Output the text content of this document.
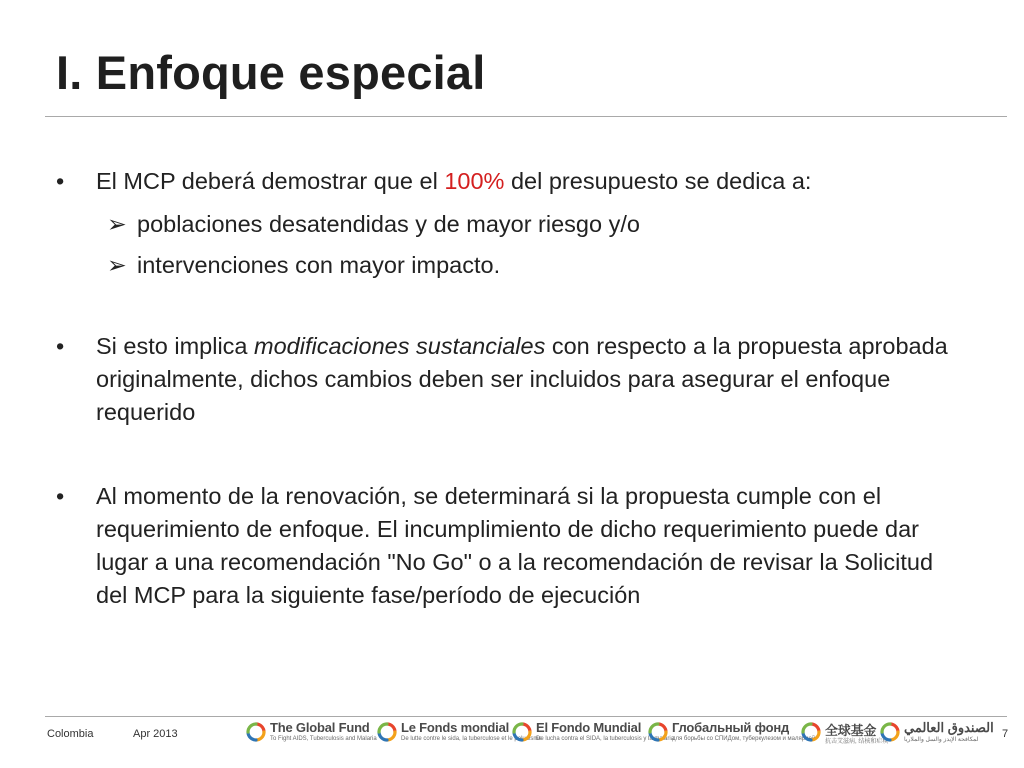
I. Enfoque especial
•	El MCP deberá demostrar que el 100% del presupuesto se dedica a:
➢ poblaciones desatendidas y de mayor riesgo y/o
➢ intervenciones con mayor impacto.
•	Si esto implica modificaciones sustanciales con respecto a la propuesta aprobada originalmente, dichos cambios deben ser incluidos para asegurar el enfoque requerido
•	Al momento de la renovación, se determinará si la propuesta cumple con el requerimiento de enfoque. El incumplimiento de dicho requerimiento puede dar lugar a una recomendación "No Go" o a la recomendación de revisar la Solicitud del MCP para la siguiente fase/período de ejecución
Colombia	Apr 2013	7
The Global Fund
To Fight AIDS, Tuberculosis and Malaria
Le Fonds mondial
De lutte contre le sida, la tuberculose et le paludisme
El Fondo Mundial
De lucha contra el SIDA, la tuberculosis y la malaria
Глобальный фонд
для борьбы со СПИДом, туберкулезом и малярией
全球基金
抗击艾滋病, 结核和疟疾
الصندوق العالمي
لمكافحة الإيدز والسل والملاريا
